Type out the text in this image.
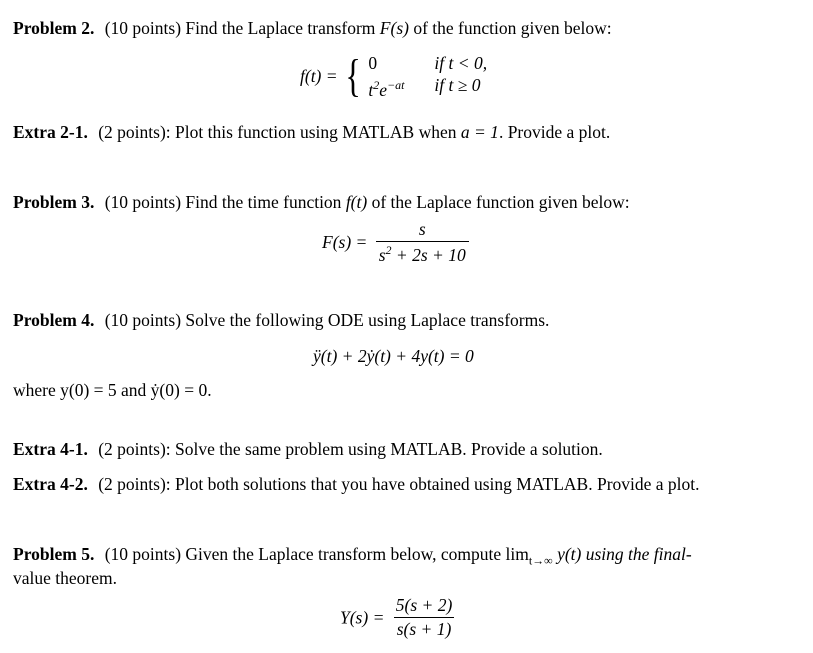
Problem 2. (10 points) Find the Laplace transform F(s) of the function given below:
f(t) = { 0	if t < 0,
$t^2e^{-at}$	if t ≥ 0
Extra 2-1. (2 points): Plot this function using MATLAB when a = 1. Provide a plot.
Problem 3. (10 points) Find the time function f(t) of the Laplace function given below:
$F(s) = \frac{s}{s^2 + 2s + 10}$
Problem 4. (10 points) Solve the following ODE using Laplace transforms.
ÿ(t) + 2ẏ(t) + 4y(t) = 0
where y(0) = 5 and ẏ(0) = 0.
Extra 4-1. (2 points): Solve the same problem using MATLAB. Provide a solution.
Extra 4-2. (2 points): Plot both solutions that you have obtained using MATLAB. Provide a plot.
Problem 5. (10 points) Given the Laplace transform below, compute $\lim_{t\to\infty} y(t)$ using the final-
value theorem.
$Y(s) = \frac{5(s + 2)}{s(s + 1)}$
